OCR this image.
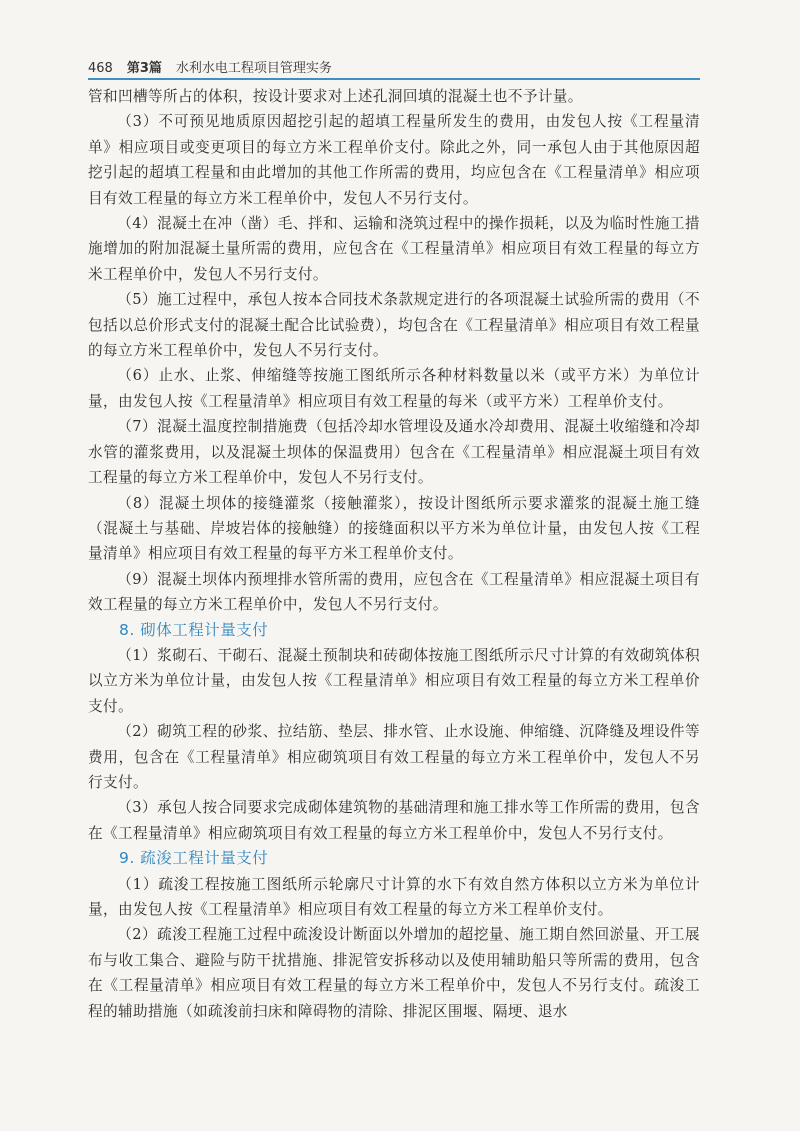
468 第3篇 水利水电工程项目管理实务

管和凹槽等所占的体积，按设计要求对上述孔洞回填的混凝土也不予计量。

（3）不可预见地质原因超挖引起的超填工程量所发生的费用，由发包人按《工程量清单》相应项目或变更项目的每立方米工程单价支付。除此之外，同一承包人由于其他原因超挖引起的超填工程量和由此增加的其他工作所需的费用，均应包含在《工程量清单》相应项目有效工程量的每立方米工程单价中，发包人不另行支付。

（4）混凝土在冲（凿）毛、拌和、运输和浇筑过程中的操作损耗，以及为临时性施工措施增加的附加混凝土量所需的费用，应包含在《工程量清单》相应项目有效工程量的每立方米工程单价中，发包人不另行支付。

（5）施工过程中，承包人按本合同技术条款规定进行的各项混凝土试验所需的费用（不包括以总价形式支付的混凝土配合比试验费），均包含在《工程量清单》相应项目有效工程量的每立方米工程单价中，发包人不另行支付。

（6）止水、止浆、伸缩缝等按施工图纸所示各种材料数量以米（或平方米）为单位计量，由发包人按《工程量清单》相应项目有效工程量的每米（或平方米）工程单价支付。

（7）混凝土温度控制措施费（包括冷却水管埋设及通水冷却费用、混凝土收缩缝和冷却水管的灌浆费用，以及混凝土坝体的保温费用）包含在《工程量清单》相应混凝土项目有效工程量的每立方米工程单价中，发包人不另行支付。

（8）混凝土坝体的接缝灌浆（接触灌浆），按设计图纸所示要求灌浆的混凝土施工缝（混凝土与基础、岸坡岩体的接触缝）的接缝面积以平方米为单位计量，由发包人按《工程量清单》相应项目有效工程量的每平方米工程单价支付。

（9）混凝土坝体内预埋排水管所需的费用，应包含在《工程量清单》相应混凝土项目有效工程量的每立方米工程单价中，发包人不另行支付。

8. 砌体工程计量支付

（1）浆砌石、干砌石、混凝土预制块和砖砌体按施工图纸所示尺寸计算的有效砌筑体积以立方米为单位计量，由发包人按《工程量清单》相应项目有效工程量的每立方米工程单价支付。

（2）砌筑工程的砂浆、拉结筋、垫层、排水管、止水设施、伸缩缝、沉降缝及埋设件等费用，包含在《工程量清单》相应砌筑项目有效工程量的每立方米工程单价中，发包人不另行支付。

（3）承包人按合同要求完成砌体建筑物的基础清理和施工排水等工作所需的费用，包含在《工程量清单》相应砌筑项目有效工程量的每立方米工程单价中，发包人不另行支付。

9. 疏浚工程计量支付

（1）疏浚工程按施工图纸所示轮廓尺寸计算的水下有效自然方体积以立方米为单位计量，由发包人按《工程量清单》相应项目有效工程量的每立方米工程单价支付。

（2）疏浚工程施工过程中疏浚设计断面以外增加的超挖量、施工期自然回淤量、开工展布与收工集合、避险与防干扰措施、排泥管安拆移动以及使用辅助船只等所需的费用，包含在《工程量清单》相应项目有效工程量的每立方米工程单价中，发包人不另行支付。疏浚工程的辅助措施（如疏浚前扫床和障碍物的清除、排泥区围堰、隔埂、退水
